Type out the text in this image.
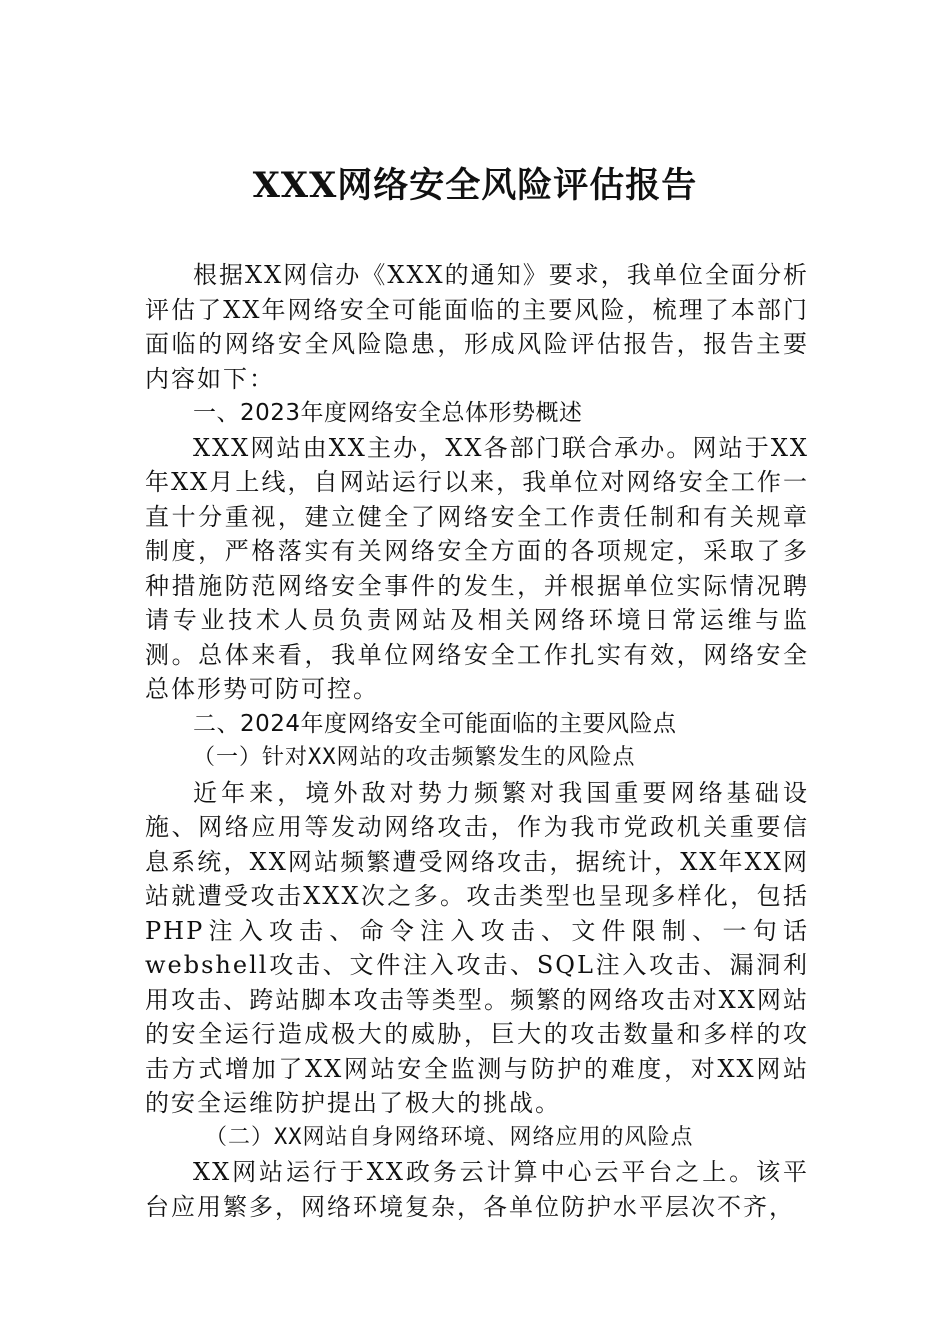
XXX网络安全风险评估报告

根据XX网信办《XXX的通知》要求，我单位全面分析评估了XX年网络安全可能面临的主要风险，梳理了本部门面临的网络安全风险隐患，形成风险评估报告，报告主要内容如下：

一、2023年度网络安全总体形势概述

XXX网站由XX主办，XX各部门联合承办。网站于XX年XX月上线，自网站运行以来，我单位对网络安全工作一直十分重视，建立健全了网络安全工作责任制和有关规章制度，严格落实有关网络安全方面的各项规定，采取了多种措施防范网络安全事件的发生，并根据单位实际情况聘请专业技术人员负责网站及相关网络环境日常运维与监测。总体来看，我单位网络安全工作扎实有效，网络安全总体形势可防可控。

二、2024年度网络安全可能面临的主要风险点

（一）针对XX网站的攻击频繁发生的风险点

近年来，境外敌对势力频繁对我国重要网络基础设施、网络应用等发动网络攻击，作为我市党政机关重要信息系统，XX网站频繁遭受网络攻击，据统计，XX年XX网站就遭受攻击XXX次之多。攻击类型也呈现多样化，包括PHP注入攻击、命令注入攻击、文件限制、一句话webshell攻击、文件注入攻击、SQL注入攻击、漏洞利用攻击、跨站脚本攻击等类型。频繁的网络攻击对XX网站的安全运行造成极大的威胁，巨大的攻击数量和多样的攻击方式增加了XX网站安全监测与防护的难度，对XX网站的安全运维防护提出了极大的挑战。

（二）XX网站自身网络环境、网络应用的风险点

XX网站运行于XX政务云计算中心云平台之上。该平台应用繁多，网络环境复杂，各单位防护水平层次不齐，
